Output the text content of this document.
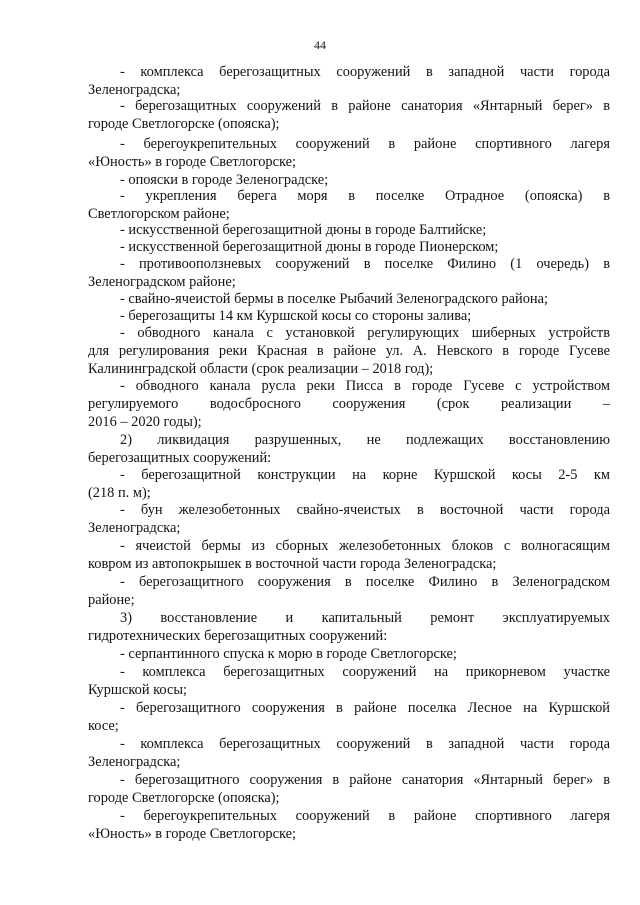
44
- комплекса берегозащитных сооружений в западной части города
Зеленоградска;
- берегозащитных сооружений в районе санатория «Янтарный берег» в
городе Светлогорске (опояска);
- берегоукрепительных сооружений в районе спортивного лагеря
«Юность» в городе Светлогорске;
- опояски в городе Зеленоградске;
- укрепления берега моря в поселке Отрадное (опояска) в
Светлогорском районе;
- искусственной берегозащитной дюны в городе Балтийске;
- искусственной берегозащитной дюны в городе Пионерском;
- противооползневых сооружений в поселке Филино (1 очередь) в
Зеленоградском районе;
- свайно-ячеистой бермы в поселке Рыбачий Зеленоградского района;
- берегозащиты 14 км Куршской косы со стороны залива;
- обводного канала с установкой регулирующих шиберных устройств
для регулирования реки Красная в районе ул. А. Невского в городе Гусеве
Калининградской области (срок реализации – 2018 год);
- обводного канала русла реки Писса в городе Гусеве с устройством
регулируемого водосбросного сооружения (срок реализации –
2016 – 2020 годы);
2) ликвидация разрушенных, не подлежащих восстановлению
берегозащитных сооружений:
- берегозащитной конструкции на корне Куршской косы 2-5 км
(218 п. м);
- бун железобетонных свайно-ячеистых в восточной части города
Зеленоградска;
- ячеистой бермы из сборных железобетонных блоков с волногасящим
ковром из автопокрышек в восточной части города Зеленоградска;
- берегозащитного сооружения в поселке Филино в Зеленоградском
районе;
3) восстановление и капитальный ремонт эксплуатируемых
гидротехнических берегозащитных сооружений:
- серпантинного спуска к морю в городе Светлогорске;
- комплекса берегозащитных сооружений на прикорневом участке
Куршской косы;
- берегозащитного сооружения в районе поселка Лесное на Куршской
косе;
- комплекса берегозащитных сооружений в западной части города
Зеленоградска;
- берегозащитного сооружения в районе санатория «Янтарный берег» в
городе Светлогорске (опояска);
- берегоукрепительных сооружений в районе спортивного лагеря
«Юность» в городе Светлогорске;
